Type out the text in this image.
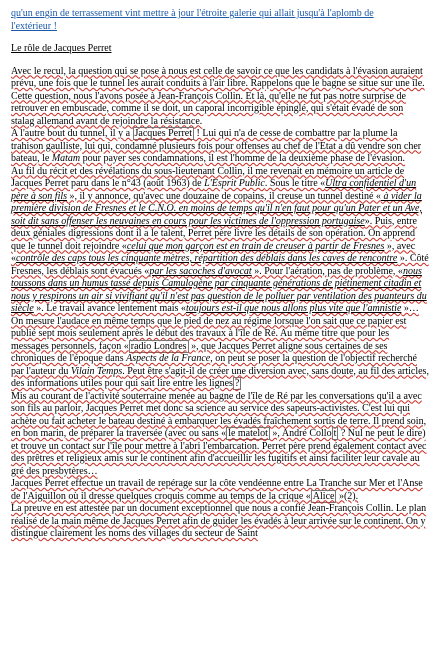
qu'un engin de terrassement vint mettre à jour l'étroite galerie qui allait jusqu'à l'aplomb de
l'extérieur !

Le rôle de Jacques Perret

Avec le recul, la question qui se pose à nous est celle de savoir ce que les candidats à l'évasion auraient prévu, une fois que le tunnel les aurait conduits à l'air libre. Rappelons que le bagne se situe sur une île.

Cette question, nous l'avons posée à Jean-François Collin. Et là, qu'elle ne fut pas notre surprise de retrouver en embuscade, comme il se doit, un caporal incorrigible épinglé, qui s'était évadé de son stalag allemand avant de rejoindre la résistance.

A l'autre bout du tunnel, il y a Jacques Perret ! Lui qui n'a de cesse de combattre par la plume la trahison gaulliste, lui qui, condamné plusieurs fois pour offenses au chef de l'Etat a dû vendre son cher bateau, le Matam pour payer ses condamnations, il est l'homme de la deuxième phase de l'évasion.

Au fil du récit et des révélations du sous-lieutenant Collin, il me revenait en mémoire un article de Jacques Perret paru dans le n°43 (août 1963) de L'Esprit Public. Sous le titre «Ultra confidentiel d'un père à son fils », il y annonce, qu'avec une douzaine de copains, il creuse un tunnel destiné « à vider la première division de Fresnes et le C.N.O. en moins de temps qu'il n'en faut pour qu'un Pater et un Ave, soit dit sans offenser les neuvaines en cours pour les victimes de l'oppression portugaise». Puis, entre deux géniales digressions dont il a le talent, Perret père livre les détails de son opération. On apprend que le tunnel doit rejoindre «celui que mon garçon est en train de creuser à partir de Fresnes », avec «contrôle des caps tous les cinquante mètres, répartition des déblais dans les caves de rencontre ». Côté Fresnes, les déblais sont évacués «par les sacoches d'avocat ». Pour l'aération, pas de problème, «nous toussons dans un humus tassé depuis Camulogène par cinquante générations de piétinement citadin et nous y respirons un air si vivifiant qu'il n'est pas question de le polluer par ventilation des puanteurs du siècle ». Le travail avance lentement mais «toujours est-il que nous allons plus vite que l'amnistie »…

On mesure l'audace en même temps que le pied de nez au régime lorsque l'on sait que ce papier est publié sept mois seulement après le début des travaux à l'île de Ré. Au même titre que pour les messages personnels, façon « radio Londres », que Jacques Perret aligne sous certaines de ses chroniques de l'époque dans Aspects de la France, on peut se poser la question de l'objectif recherché par l'auteur du Vilain Temps. Peut être s'agit-il de créer une diversion avec, sans doute, au fil des articles, des informations utiles pour qui sait lire entre les lignes ?

Mis au courant de l'activité souterraine menée au bagne de l'île de Ré par les conversations qu'il a avec son fils au parloir, Jacques Perret met donc sa science au service des sapeurs-activistes. C'est lui qui achète ou fait acheter le bateau destiné à embarquer les évadés fraîchement sortis de terre. Il prend soin, en bon marin, de préparer la traversée (avec ou sans « le matelot », André Collo t ? Nul ne peut le dire) et trouve un contact sur l'île pour mettre à l'abri l'embarcation. Perret père prend également contact avec des prêtres et religieux amis sur le continent afin d'accueillir les fugitifs et ainsi faciliter leur cavale au gré des presbytères…

Jacques Perret effectue un travail de repérage sur la côte vendéenne entre La Tranche sur Mer et l'Anse de l'Aiguillon où il dresse quelques croquis comme au temps de la crique « Alice »(2).

La preuve en est attestée par un document exceptionnel que nous a confié Jean-François Collin. Le plan réalisé de la main même de Jacques Perret afin de guider les évadés à leur arrivée sur le continent. On y distingue clairement les noms des villages du secteur de Saint
